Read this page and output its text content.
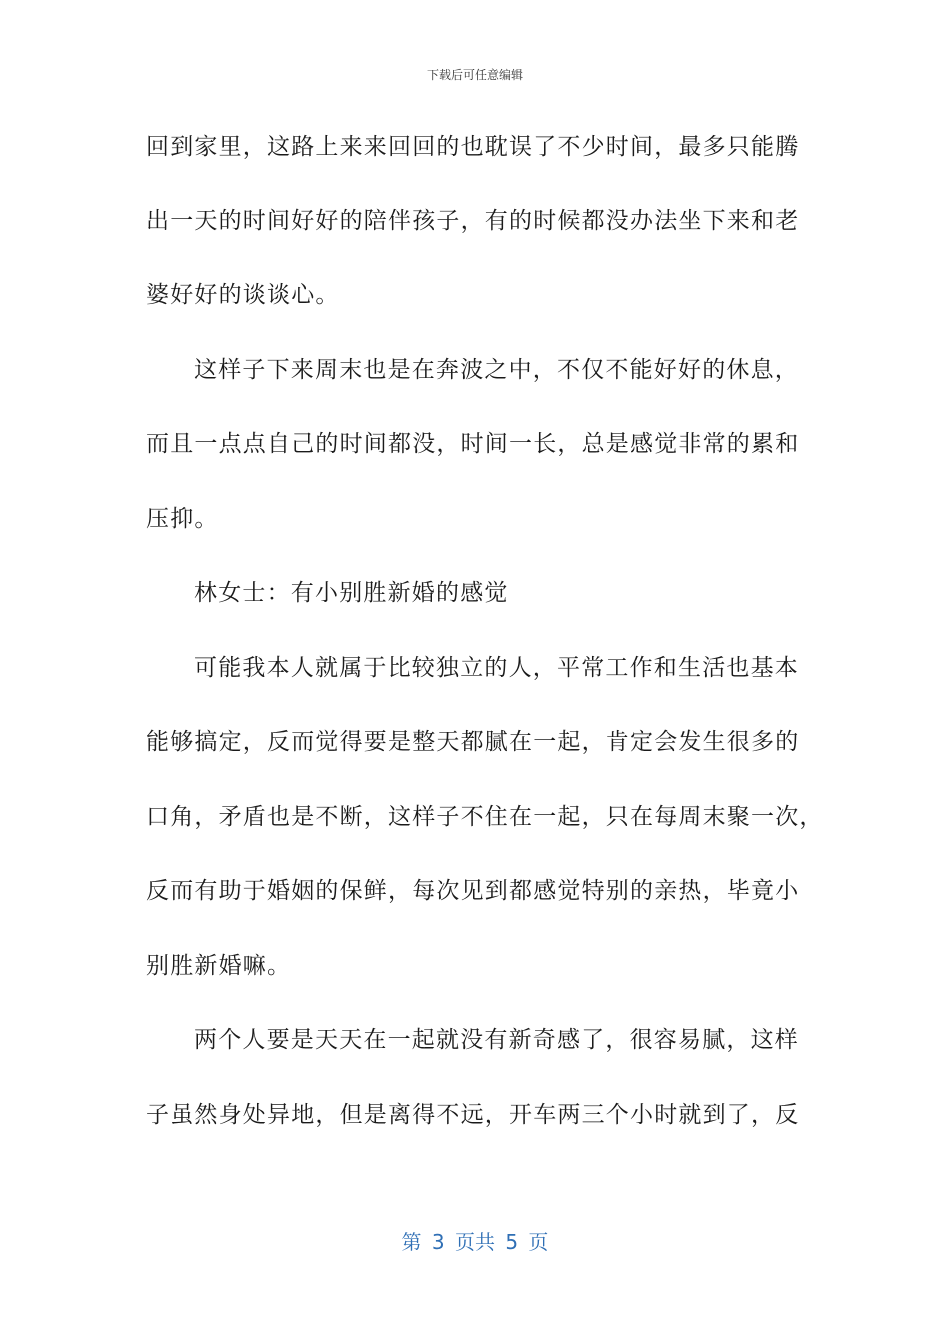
下载后可任意编辑
回到家里，这路上来来回回的也耽误了不少时间，最多只能腾
出一天的时间好好的陪伴孩子，有的时候都没办法坐下来和老
婆好好的谈谈心。
这样子下来周末也是在奔波之中，不仅不能好好的休息，
而且一点点自己的时间都没，时间一长，总是感觉非常的累和
压抑。
林女士：有小别胜新婚的感觉
可能我本人就属于比较独立的人，平常工作和生活也基本
能够搞定，反而觉得要是整天都腻在一起，肯定会发生很多的
口角，矛盾也是不断，这样子不住在一起，只在每周末聚一次，
反而有助于婚姻的保鲜，每次见到都感觉特别的亲热，毕竟小
别胜新婚嘛。
两个人要是天天在一起就没有新奇感了，很容易腻，这样
子虽然身处异地，但是离得不远，开车两三个小时就到了，反
第 3 页共 5 页
